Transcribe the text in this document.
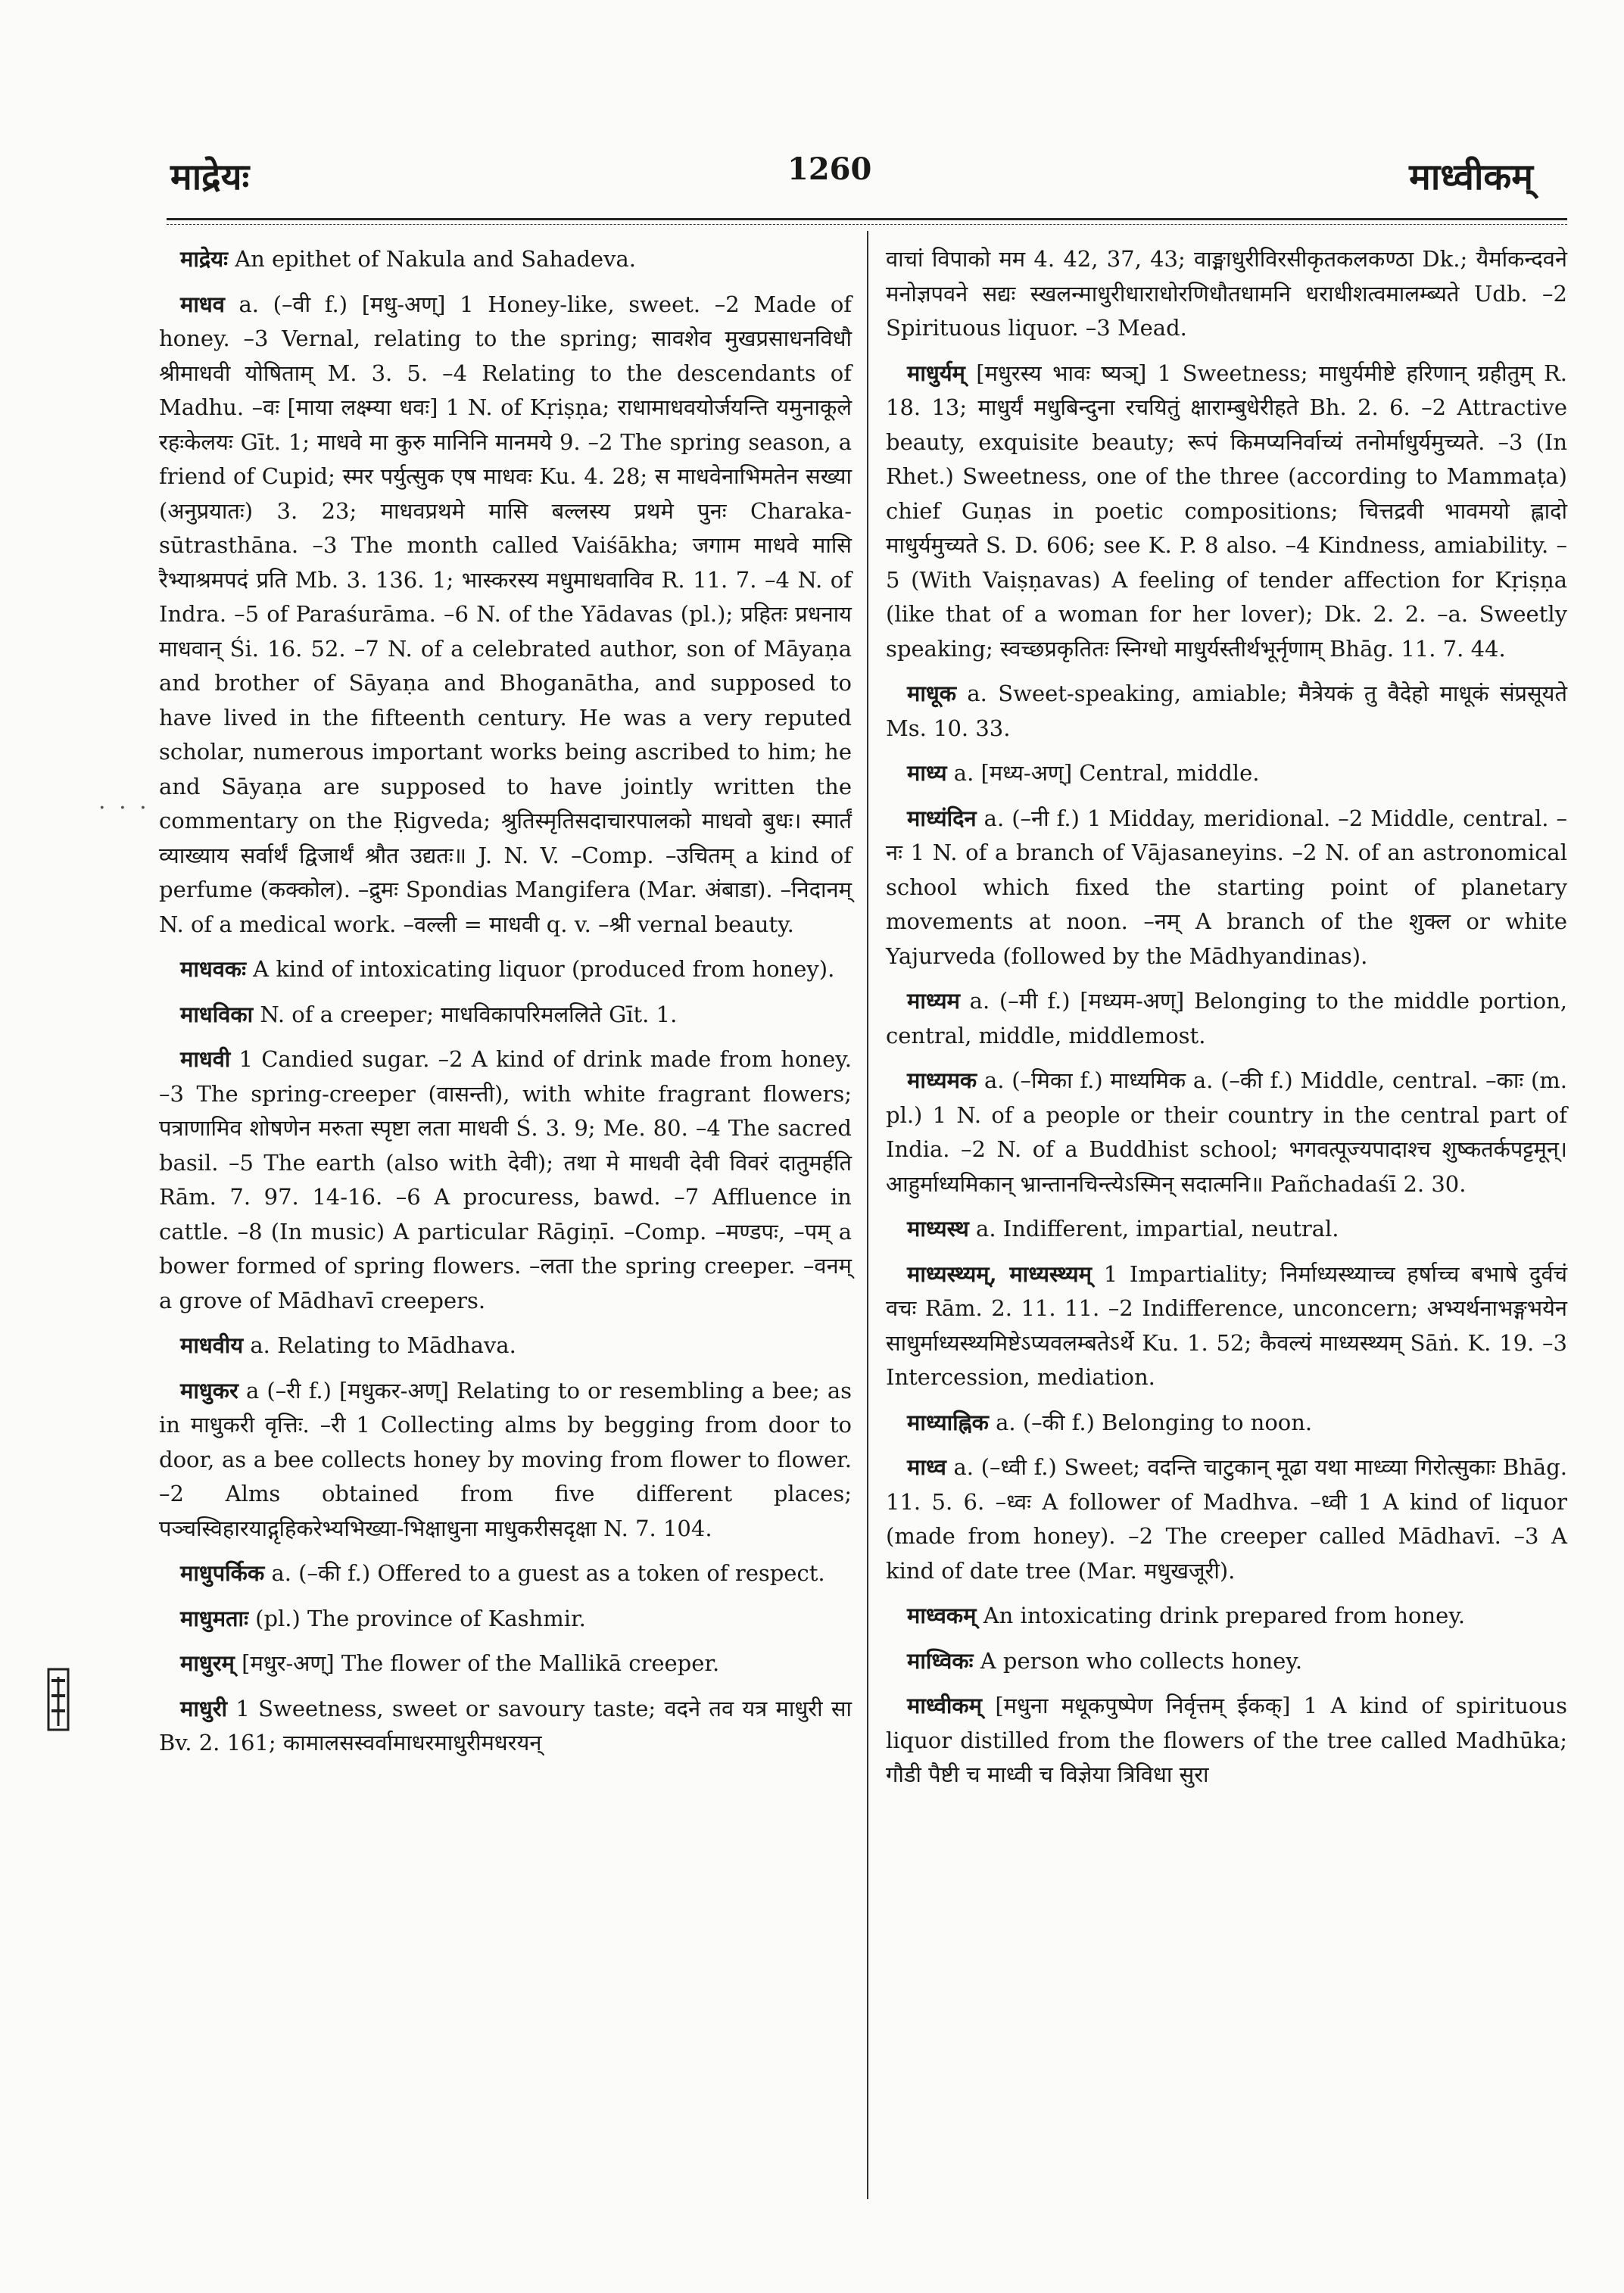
माद्रेयः	1260	माध्वीकम्

माद्रेयः An epithet of Nakula and Sahadeva.

माधव a. (–वी f.) [मधु-अण्] 1 Honey-like, sweet. –2 Made of honey. –3 Vernal, relating to the spring; सावशेव मुखप्रसाधनविधौ श्रीमाधवी योषिताम् M. 3. 5. –4 Relating to the descendants of Madhu. –वः [माया लक्ष्म्या धवः] 1 N. of Kṛiṣṇa; राधामाधवयोर्जयन्ति यमुनाकूले रहःकेलयः Gīt. 1; माधवे मा कुरु मानिनि मानमये 9. –2 The spring season, a friend of Cupid; स्मर पर्युत्सुक एष माधवः Ku. 4. 28; स माधवेनाभिमतेन सख्या (अनुप्रयातः) 3. 23; माधवप्रथमे मासि बल्लस्य प्रथमे पुनः Charaka-sūtrasthāna. –3 The month called Vaiśākha; जगाम माधवे मासि रैभ्याश्रमपदं प्रति Mb. 3. 136. 1; भास्करस्य मधुमाधवाविव R. 11. 7. –4 N. of Indra. –5 of Paraśurāma. –6 N. of the Yādavas (pl.); प्रहितः प्रधनाय माधवान् Śi. 16. 52. –7 N. of a celebrated author, son of Māyaṇa and brother of Sāyaṇa and Bhoganātha, and supposed to have lived in the fifteenth century. He was a very reputed scholar, numerous important works being ascribed to him; he and Sāyaṇa are supposed to have jointly written the commentary on the Ṛigveda; श्रुतिस्मृतिसदाचारपालको माधवो बुधः। स्मार्तं व्याख्याय सर्वार्थं द्विजार्थं श्रौत उद्यतः॥ J. N. V. –Comp. –उचितम् a kind of perfume (कक्कोल). –द्रुमः Spondias Mangifera (Mar. अंबाडा). –निदानम् N. of a medical work. –वल्ली = माधवी q. v. –श्री vernal beauty.

माधवकः A kind of intoxicating liquor (produced from honey).

माधविका N. of a creeper; माधविकापरिमललिते Gīt. 1.

माधवी 1 Candied sugar. –2 A kind of drink made from honey. –3 The spring-creeper (वासन्ती), with white fragrant flowers; पत्राणामिव शोषणेन मरुता स्पृष्टा लता माधवी Ś. 3. 9; Me. 80. –4 The sacred basil. –5 The earth (also with देवी); तथा मे माधवी देवी विवरं दातुमर्हति Rām. 7. 97. 14-16. –6 A procuress, bawd. –7 Affluence in cattle. –8 (In music) A particular Rāgiṇī. –Comp. –मण्डपः, –पम् a bower formed of spring flowers. –लता the spring creeper. –वनम् a grove of Mādhavī creepers.

माधवीय a. Relating to Mādhava.

माधुकर a (–री f.) [मधुकर-अण्] Relating to or resembling a bee; as in माधुकरी वृत्तिः. –री 1 Collecting alms by begging from door to door, as a bee collects honey by moving from flower to flower. –2 Alms obtained from five different places; पञ्चस्विहारयाद्गृहिकरेभ्यभिख्या-भिक्षाधुना माधुकरीसदृक्षा N. 7. 104.

माधुपर्किक a. (–की f.) Offered to a guest as a token of respect.

माधुमताः (pl.) The province of Kashmir.

माधुरम् [मधुर-अण्] The flower of the Mallikā creeper.

माधुरी 1 Sweetness, sweet or savoury taste; वदने तव यत्र माधुरी सा Bv. 2. 161; कामालसस्वर्वामाधरमाधुरीमधरयन्

वाचां विपाको मम 4. 42, 37, 43; वाङ्माधुरीविरसीकृतकलकण्ठा Dk.; यैर्माकन्दवने मनोज्ञपवने सद्यः स्खलन्माधुरीधाराधोरणिधौतधामनि धराधीशत्वमालम्ब्यते Udb. –2 Spirituous liquor. –3 Mead.

माधुर्यम् [मधुरस्य भावः ष्यञ्] 1 Sweetness; माधुर्यमीष्टे हरिणान् ग्रहीतुम् R. 18. 13; माधुर्यं मधुबिन्दुना रचयितुं क्षाराम्बुधेरीहते Bh. 2. 6. –2 Attractive beauty, exquisite beauty; रूपं किमप्यनिर्वाच्यं तनोर्माधुर्यमुच्यते. –3 (In Rhet.) Sweetness, one of the three (according to Mammaṭa) chief Guṇas in poetic compositions; चित्तद्रवी भावमयो ह्लादो माधुर्यमुच्यते S. D. 606; see K. P. 8 also. –4 Kindness, amiability. –5 (With Vaiṣṇavas) A feeling of tender affection for Kṛiṣṇa (like that of a woman for her lover); Dk. 2. 2. –a. Sweetly speaking; स्वच्छप्रकृतितः स्निग्धो माधुर्यस्तीर्थभूर्नृणाम् Bhāg. 11. 7. 44.

माधूक a. Sweet-speaking, amiable; मैत्रेयकं तु वैदेहो माधूकं संप्रसूयते Ms. 10. 33.

माध्य a. [मध्य-अण्] Central, middle.

माध्यंदिन a. (–नी f.) 1 Midday, meridional. –2 Middle, central. –नः 1 N. of a branch of Vājasaneyins. –2 N. of an astronomical school which fixed the starting point of planetary movements at noon. –नम् A branch of the शुक्ल or white Yajurveda (followed by the Mādhyandinas).

माध्यम a. (–मी f.) [मध्यम-अण्] Belonging to the middle portion, central, middle, middlemost.

माध्यमक a. (–मिका f.) माध्यमिक a. (–की f.) Middle, central. –काः (m. pl.) 1 N. of a people or their country in the central part of India. –2 N. of a Buddhist school; भगवत्पूज्यपादाश्च शुष्कतर्कपट्टमून्। आहुर्माध्यमिकान् भ्रान्तानचिन्त्येऽस्मिन् सदात्मनि॥ Pañchadaśī 2. 30.

माध्यस्थ a. Indifferent, impartial, neutral.

माध्यस्थ्यम्, माध्यस्थ्यम् 1 Impartiality; निर्माध्यस्थ्याच्च हर्षाच्च बभाषे दुर्वचं वचः Rām. 2. 11. 11. –2 Indifference, unconcern; अभ्यर्थनाभङ्गभयेन साधुर्माध्यस्थ्यमिष्टेऽप्यवलम्बतेऽर्थे Ku. 1. 52; कैवल्यं माध्यस्थ्यम् Sāṅ. K. 19. –3 Intercession, mediation.

माध्याह्निक a. (–की f.) Belonging to noon.

माध्व a. (–ध्वी f.) Sweet; वदन्ति चाटुकान् मूढा यथा माध्व्या गिरोत्सुकाः Bhāg. 11. 5. 6. –ध्वः A follower of Madhva. –ध्वी 1 A kind of liquor (made from honey). –2 The creeper called Mādhavī. –3 A kind of date tree (Mar. मधुखजूरी).

माध्वकम् An intoxicating drink prepared from honey.

माध्विकः A person who collects honey.

माध्वीकम् [मधुना मधूकपुष्पेण निर्वृत्तम् ईकक्] 1 A kind of spirituous liquor distilled from the flowers of the tree called Madhūka; गौडी पैष्टी च माध्वी च विज्ञेया त्रिविधा सुरा

· · ·
